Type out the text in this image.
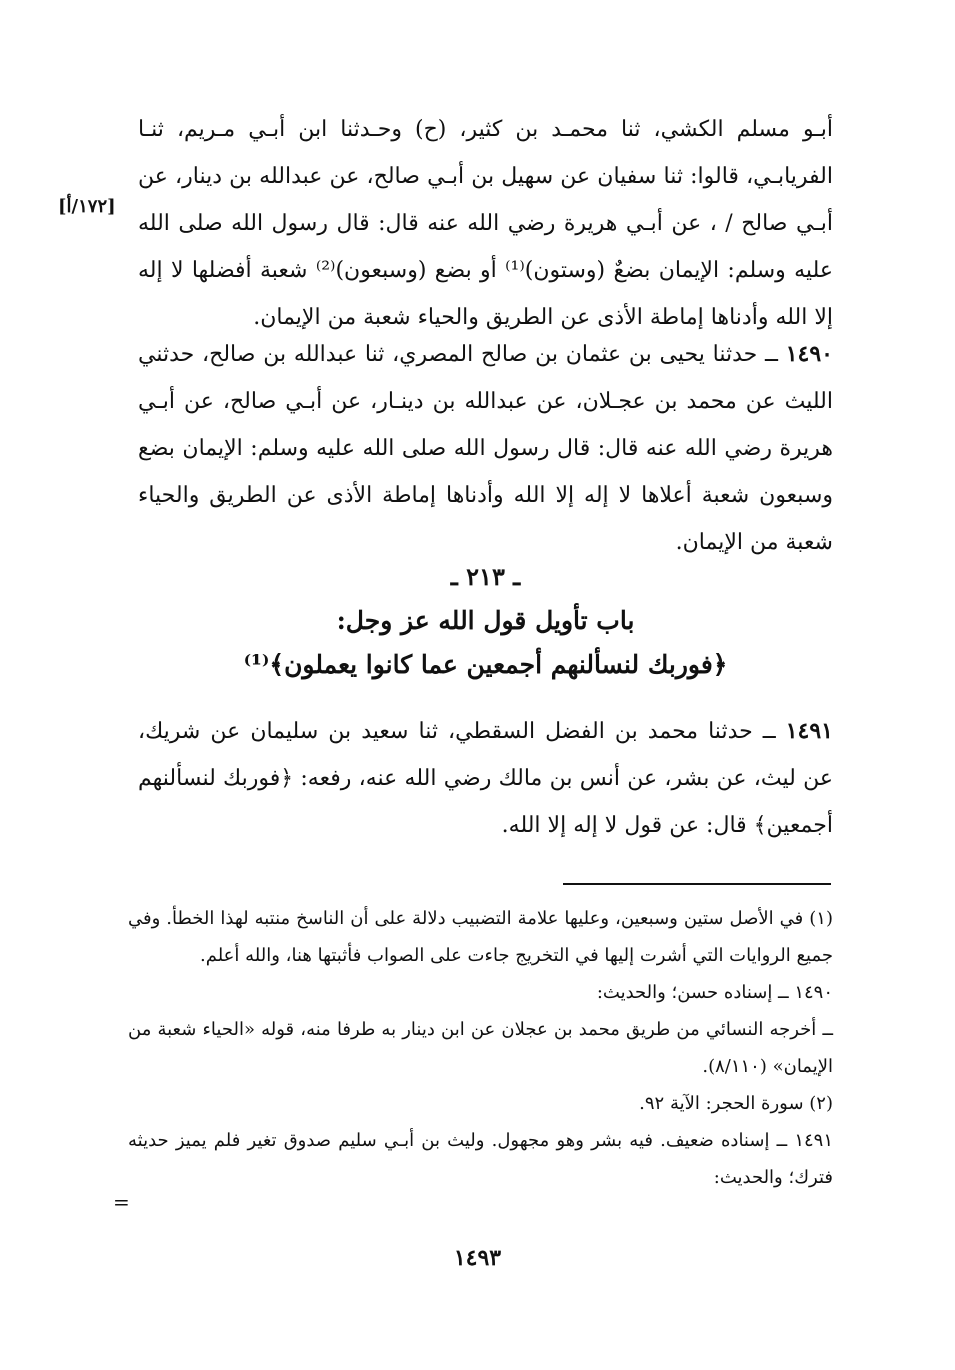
[١٧٢/أ]
أبـو مسلم الكشي، ثنا محمـد بن كثير، (ح) وحـدثنا ابن أبـي مـريم، ثنـا الفريابـي، قالوا: ثنا سفيان عن سهيل بن أبـي صالح، عن عبدالله بن دينار، عن أبـي صالح / ، عن أبـي هريرة رضي الله عنه قال: قال رسول الله صلى الله عليه وسلم: الإيمان بضعٌ (وستون)⁽¹⁾ أو بضع (وسبعون)⁽²⁾ شعبة أفضلها لا إله إلا الله وأدناها إماطة الأذى عن الطريق والحياء شعبة من الإيمان.
١٤٩٠ ــ حدثنا يحيى بن عثمان بن صالح المصري، ثنا عبدالله بن صالح، حدثني الليث عن محمد بن عجـلان، عن عبدالله بن دينـار، عن أبـي صالح، عن أبـي هريرة رضي الله عنه قال: قال رسول الله صلى الله عليه وسلم: الإيمان بضع وسبعون شعبة أعلاها لا إله إلا الله وأدناها إماطة الأذى عن الطريق والحياء شعبة من الإيمان.
ـ ٢١٣ ـ
باب تأويل قول الله عز وجل:
﴿فوربك لنسألنهم أجمعين عما كانوا يعملون﴾⁽¹⁾
١٤٩١ ــ حدثنا محمد بن الفضل السقطي، ثنا سعيد بن سليمان عن شريك، عن ليث، عن بشر، عن أنس بن مالك رضي الله عنه، رفعه: ﴿فوربك لنسألنهم أجمعين﴾ قال: عن قول لا إله إلا الله.

(١) في الأصل ستين وسبعين، وعليها علامة التضبيب دلالة على أن الناسخ منتبه لهذا الخطأ. وفي جميع الروايات التي أشرت إليها في التخريج جاءت على الصواب فأثبتها هنا، والله أعلم.

١٤٩٠ ــ إسناده حسن؛ والحديث:

ــ أخرجه النسائي من طريق محمد بن عجلان عن ابن دينار به طرفا منه، قوله «الحياء شعبة من الإيمان» (٨/١١٠).

(٢) سورة الحجر: الآية ٩٢.

١٤٩١ ــ إسناده ضعيف. فيه بشر وهو مجهول. وليث بن أبـي سليم صدوق تغير فلم يميز حديثه فترك؛ والحديث:

=
١٤٩٣
